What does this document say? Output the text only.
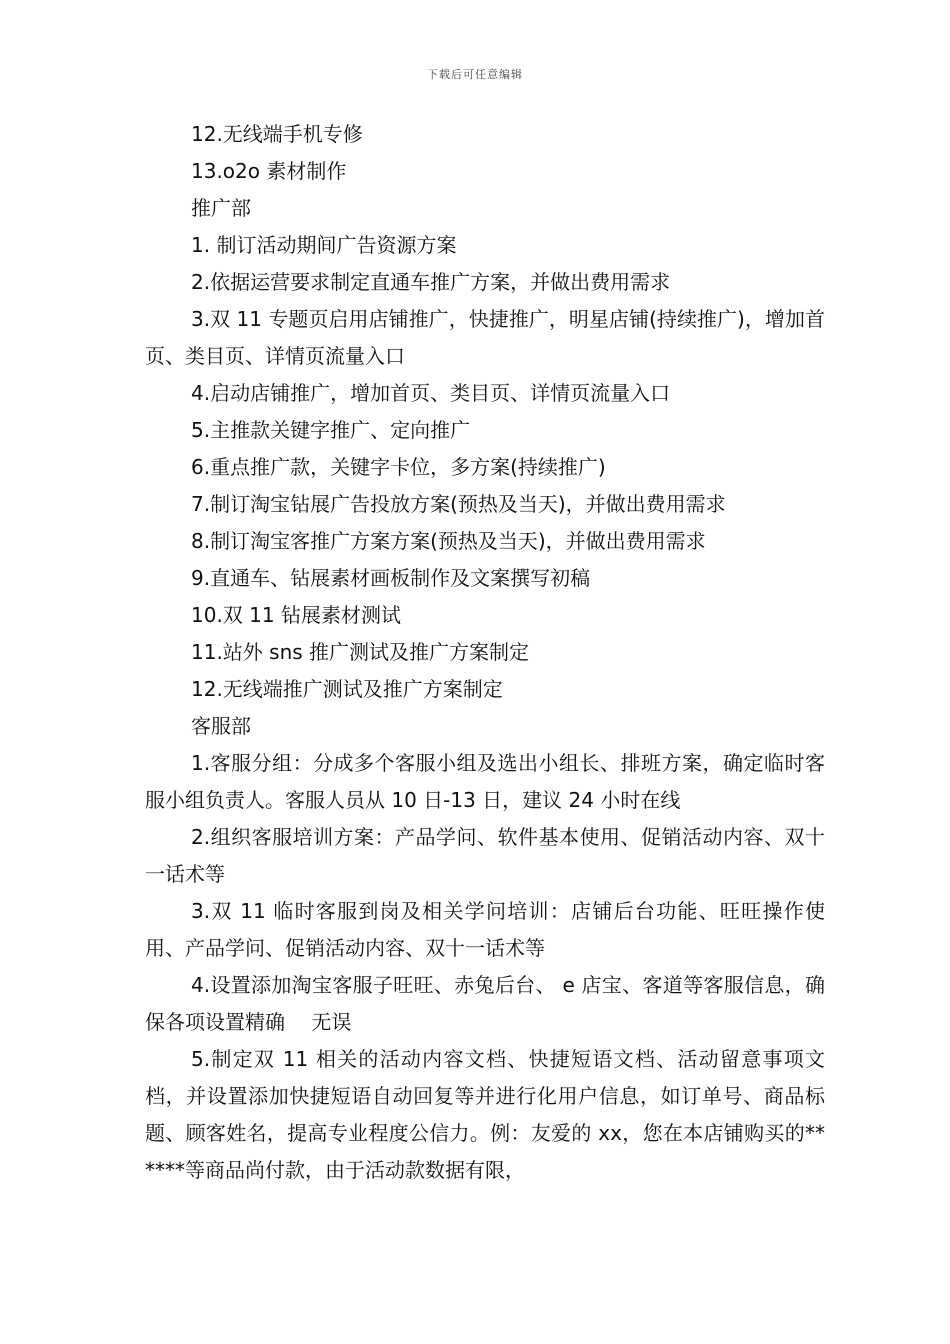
下载后可任意编辑

12.无线端手机专修

13.o2o 素材制作

推广部

1. 制订活动期间广告资源方案

2.依据运营要求制定直通车推广方案，并做出费用需求

3.双 11 专题页启用店铺推广，快捷推广，明星店铺(持续推广)，增加首页、类目页、详情页流量入口

4.启动店铺推广，增加首页、类目页、详情页流量入口

5.主推款关键字推广、定向推广

6.重点推广款，关键字卡位，多方案(持续推广)

7.制订淘宝钻展广告投放方案(预热及当天)，并做出费用需求

8.制订淘宝客推广方案方案(预热及当天)，并做出费用需求

9.直通车、钻展素材画板制作及文案撰写初稿

10.双 11 钻展素材测试

11.站外 sns 推广测试及推广方案制定

12.无线端推广测试及推广方案制定

客服部

1.客服分组：分成多个客服小组及选出小组长、排班方案，确定临时客服小组负责人。客服人员从 10 日-13 日，建议 24 小时在线

2.组织客服培训方案：产品学问、软件基本使用、促销活动内容、双十一话术等

3.双 11 临时客服到岗及相关学问培训：店铺后台功能、旺旺操作使用、产品学问、促销活动内容、双十一话术等

4.设置添加淘宝客服子旺旺、赤兔后台、 e 店宝、客道等客服信息，确保各项设置精确　 无误

5.制定双 11 相关的活动内容文档、快捷短语文档、活动留意事项文档，并设置添加快捷短语自动回复等并进行化用户信息，如订单号、商品标题、顾客姓名，提高专业程度公信力。例：友爱的 xx，您在本店铺购买的******等商品尚付款，由于活动款数据有限，
